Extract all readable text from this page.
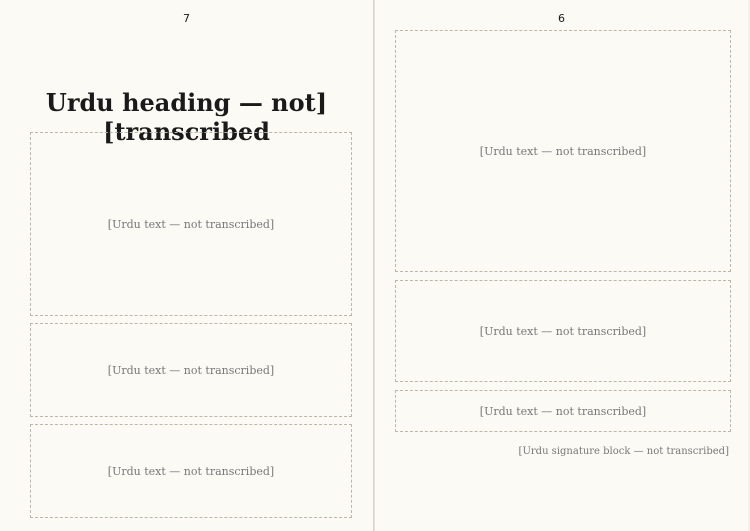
7
[Urdu heading — not transcribed]
[Urdu text — not transcribed]
[Urdu text — not transcribed]
[Urdu text — not transcribed]
6
[Urdu text — not transcribed]
[Urdu text — not transcribed]
[Urdu text — not transcribed]
[Urdu signature block — not transcribed]
